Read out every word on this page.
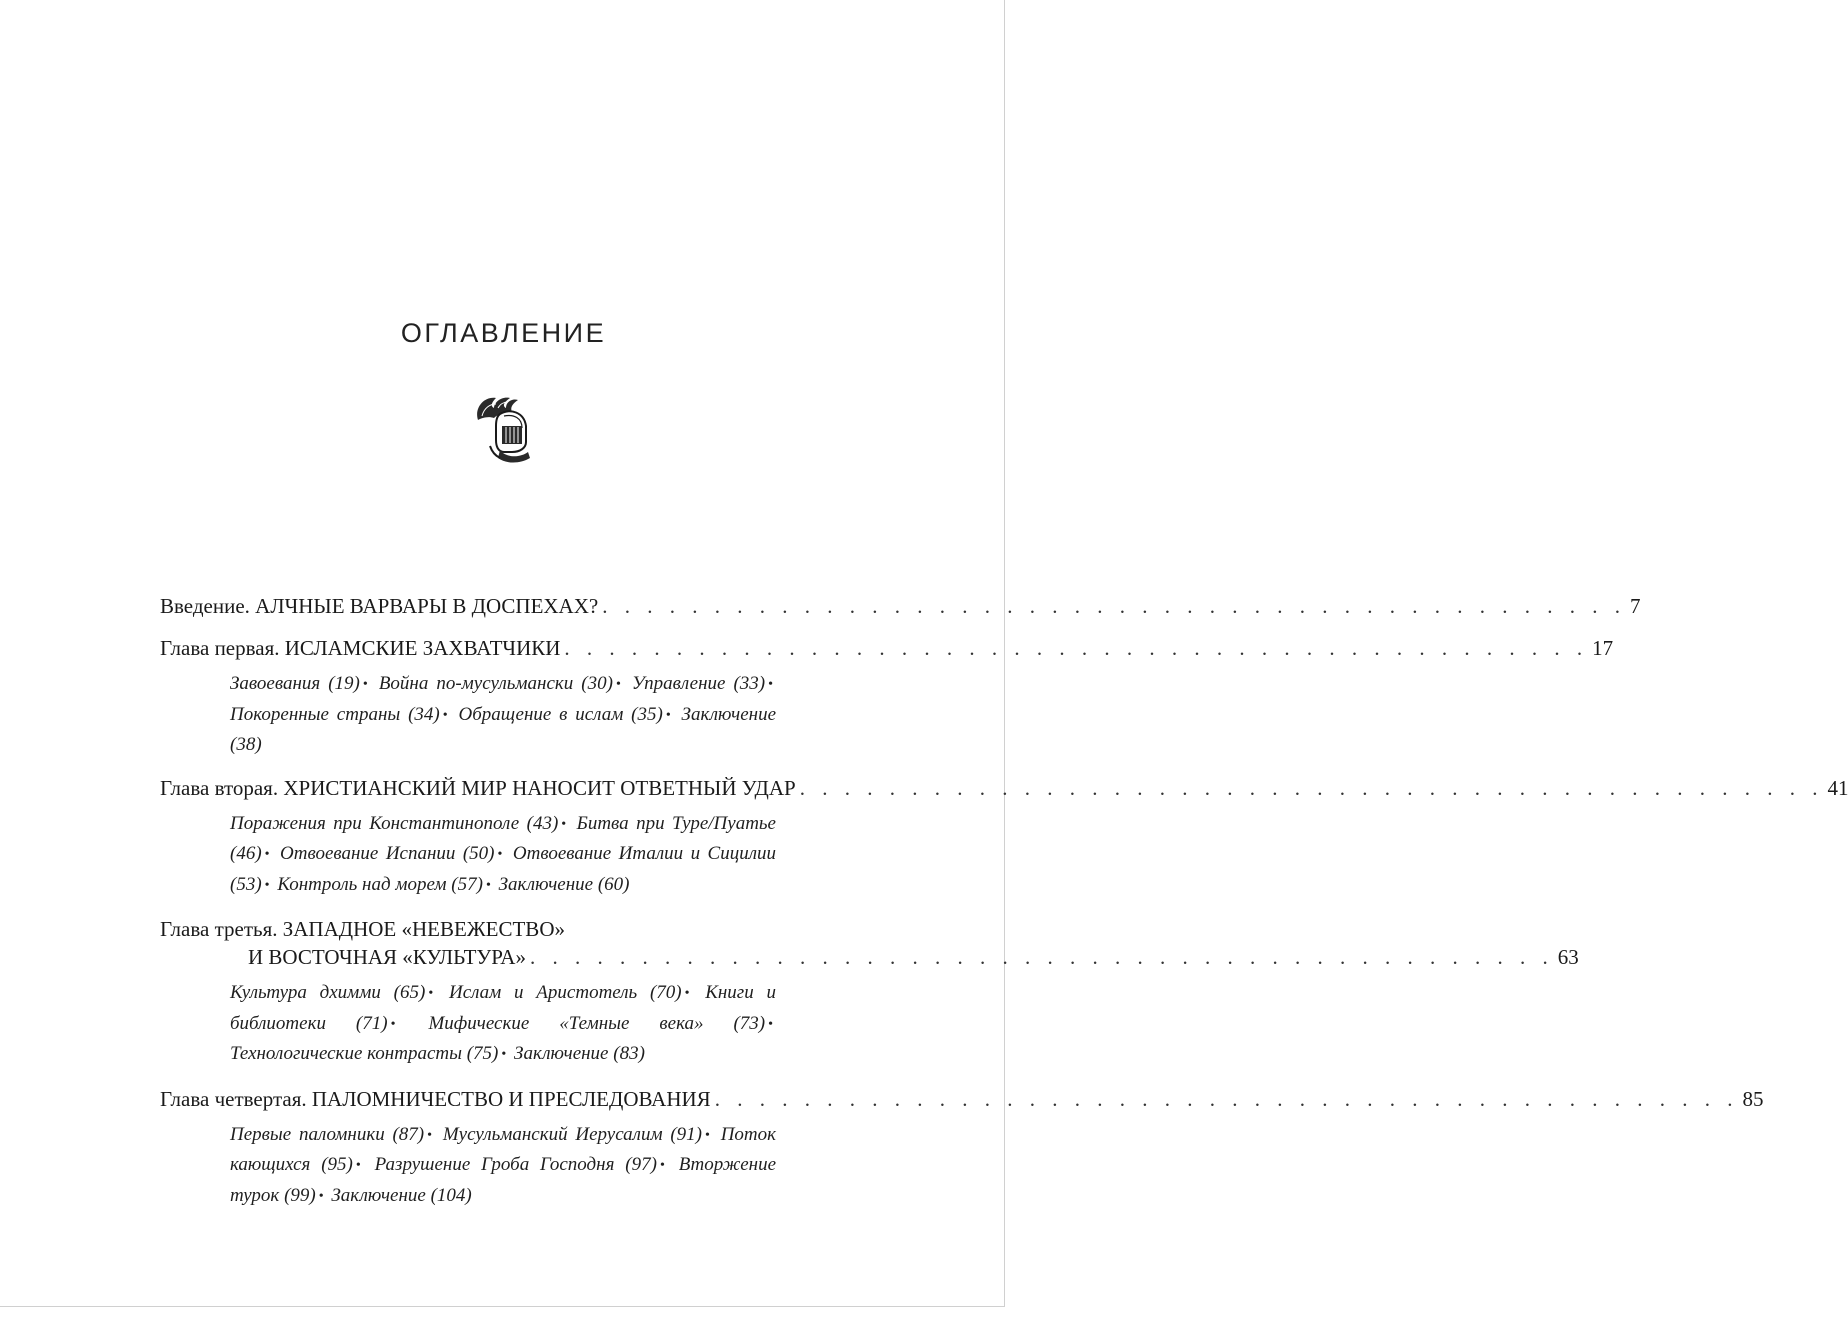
ОГЛАВЛЕНИЕ
Введение.
АЛЧНЫЕ ВАРВАРЫ В ДОСПЕХАХ? . . . . . . . . . . . . . . . . . . . . . . . . . . . . . . . . . . . . . . . . . . . . . . 7
Глава первая.
ИСЛАМСКИЕ ЗАХВАТЧИКИ . . . . . . . . . . . . . . . . . . . . . . . . . . . . . . . . . . . . . . . . . . . . . . 17
Завоевания (19) • Война по-мусульмански (30) • Управление (33) • Покоренные страны (34) • Обращение в ислам (35) • Заключение (38)
Глава вторая.
ХРИСТИАНСКИЙ МИР НАНОСИТ ОТВЕТНЫЙ УДАР . . . . . . . . . . . . . . . . . . . . . . . . . . . . . . . . . . . . . . . . . . . . . . 41
Поражения при Константинополе (43) • Битва при Туре/Пуатье (46) • Отвоевание Испании (50) • Отвоевание Италии и Сицилии (53) • Контроль над морем (57) • Заключение (60)
Глава третья.
ЗАПАДНОЕ «НЕВЕЖЕСТВО»
И ВОСТОЧНАЯ «КУЛЬТУРА» . . . . . . . . . . . . . . . . . . . . . . . . . . . . . . . . . . . . . . . . . . . . . . 63
Культура дхимми (65) • Ислам и Аристотель (70) • Книги и библиотеки (71) • Мифические «Темные века» (73) • Технологические контрасты (75) • Заключение (83)
Глава четвертая.
ПАЛОМНИЧЕСТВО И ПРЕСЛЕДОВАНИЯ . . . . . . . . . . . . . . . . . . . . . . . . . . . . . . . . . . . . . . . . . . . . . . 85
Первые паломники (87) • Мусульманский Иерусалим (91) • Поток кающихся (95) • Разрушение Гроба Господня (97) • Вторжение турок (99) • Заключение (104)
